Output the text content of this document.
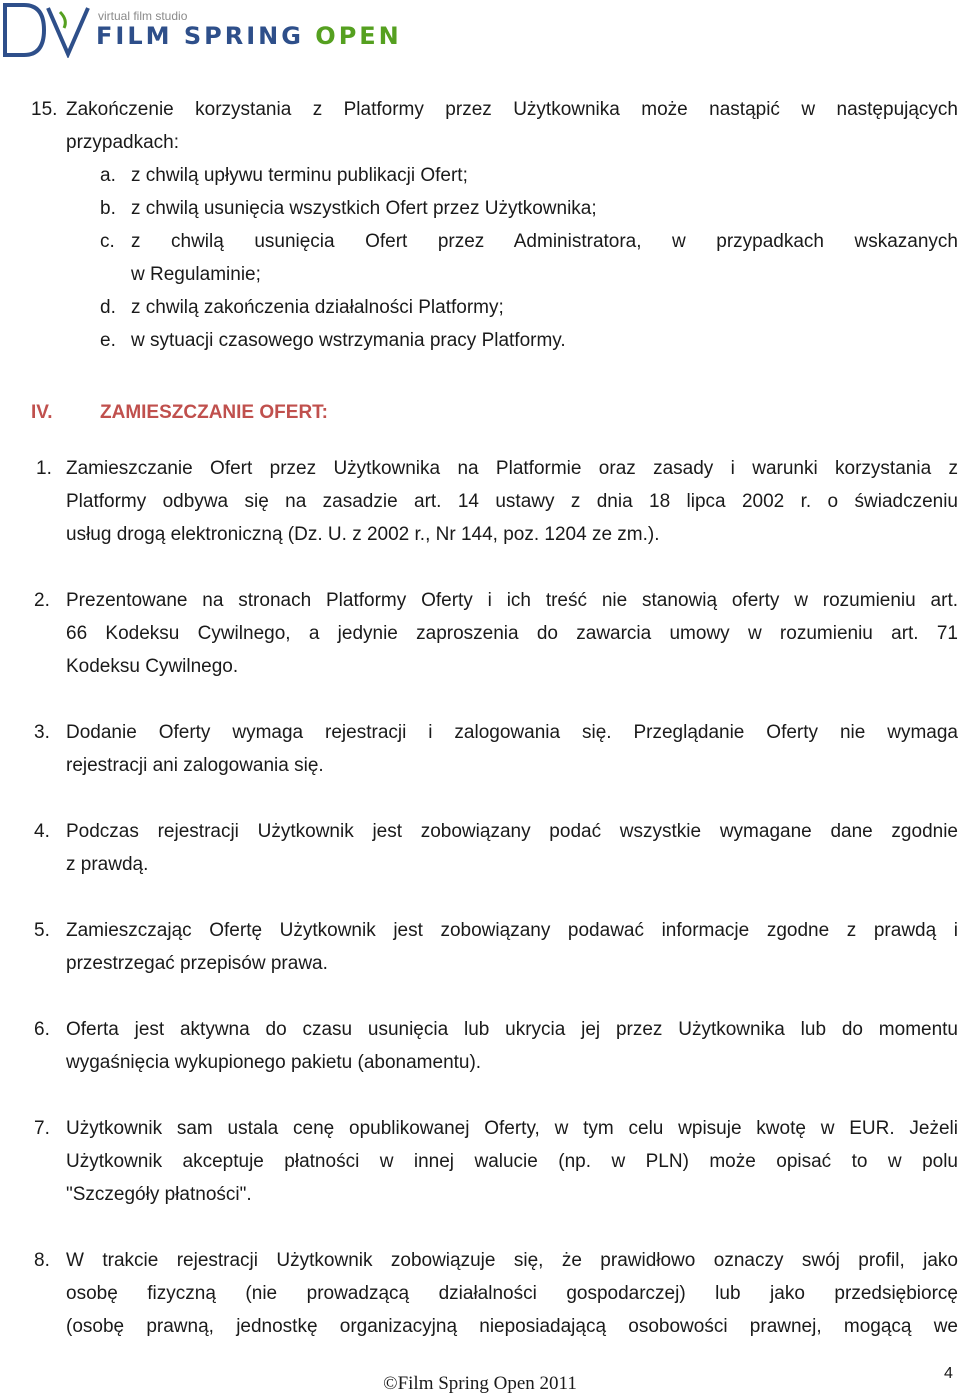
virtual film studio
FILM SPRING OPEN
15. Zakończenie korzystania z Platformy przez Użytkownika może nastąpić w następujących
przypadkach:
a. z chwilą upływu terminu publikacji Ofert;
b. z chwilą usunięcia wszystkich Ofert przez Użytkownika;
c. z chwilą usunięcia Ofert przez Administratora, w przypadkach wskazanych
w Regulaminie;
d. z chwilą zakończenia działalności Platformy;
e. w sytuacji czasowego wstrzymania pracy Platformy.
IV.	ZAMIESZCZANIE OFERT:
1. Zamieszczanie Ofert przez Użytkownika na Platformie oraz zasady i warunki korzystania z
Platformy odbywa się na zasadzie art. 14 ustawy z dnia 18 lipca 2002 r. o świadczeniu
usług drogą elektroniczną (Dz. U. z 2002 r., Nr 144, poz. 1204 ze zm.).
2. Prezentowane na stronach Platformy Oferty i ich treść nie stanowią oferty w rozumieniu art.
66 Kodeksu Cywilnego, a jedynie zaproszenia do zawarcia umowy w rozumieniu art. 71
Kodeksu Cywilnego.
3. Dodanie Oferty wymaga rejestracji i zalogowania się. Przeglądanie Oferty nie wymaga
rejestracji ani zalogowania się.
4. Podczas rejestracji Użytkownik jest zobowiązany podać wszystkie wymagane dane zgodnie
z prawdą.
5. Zamieszczając Ofertę Użytkownik jest zobowiązany podawać informacje zgodne z prawdą i
przestrzegać przepisów prawa.
6. Oferta jest aktywna do czasu usunięcia lub ukrycia jej przez Użytkownika lub do momentu
wygaśnięcia wykupionego pakietu (abonamentu).
7. Użytkownik sam ustala cenę opublikowanej Oferty, w tym celu wpisuje kwotę w EUR. Jeżeli
Użytkownik akceptuje płatności w innej walucie (np. w PLN) może opisać to w polu
"Szczegóły płatności".
8. W trakcie rejestracji Użytkownik zobowiązuje się, że prawidłowo oznaczy swój profil, jako
osobę fizyczną (nie prowadzącą działalności gospodarczej) lub jako przedsiębiorcę
(osobę prawną, jednostkę organizacyjną nieposiadającą osobowości prawnej, mogącą we
©Film Spring Open 2011	4
